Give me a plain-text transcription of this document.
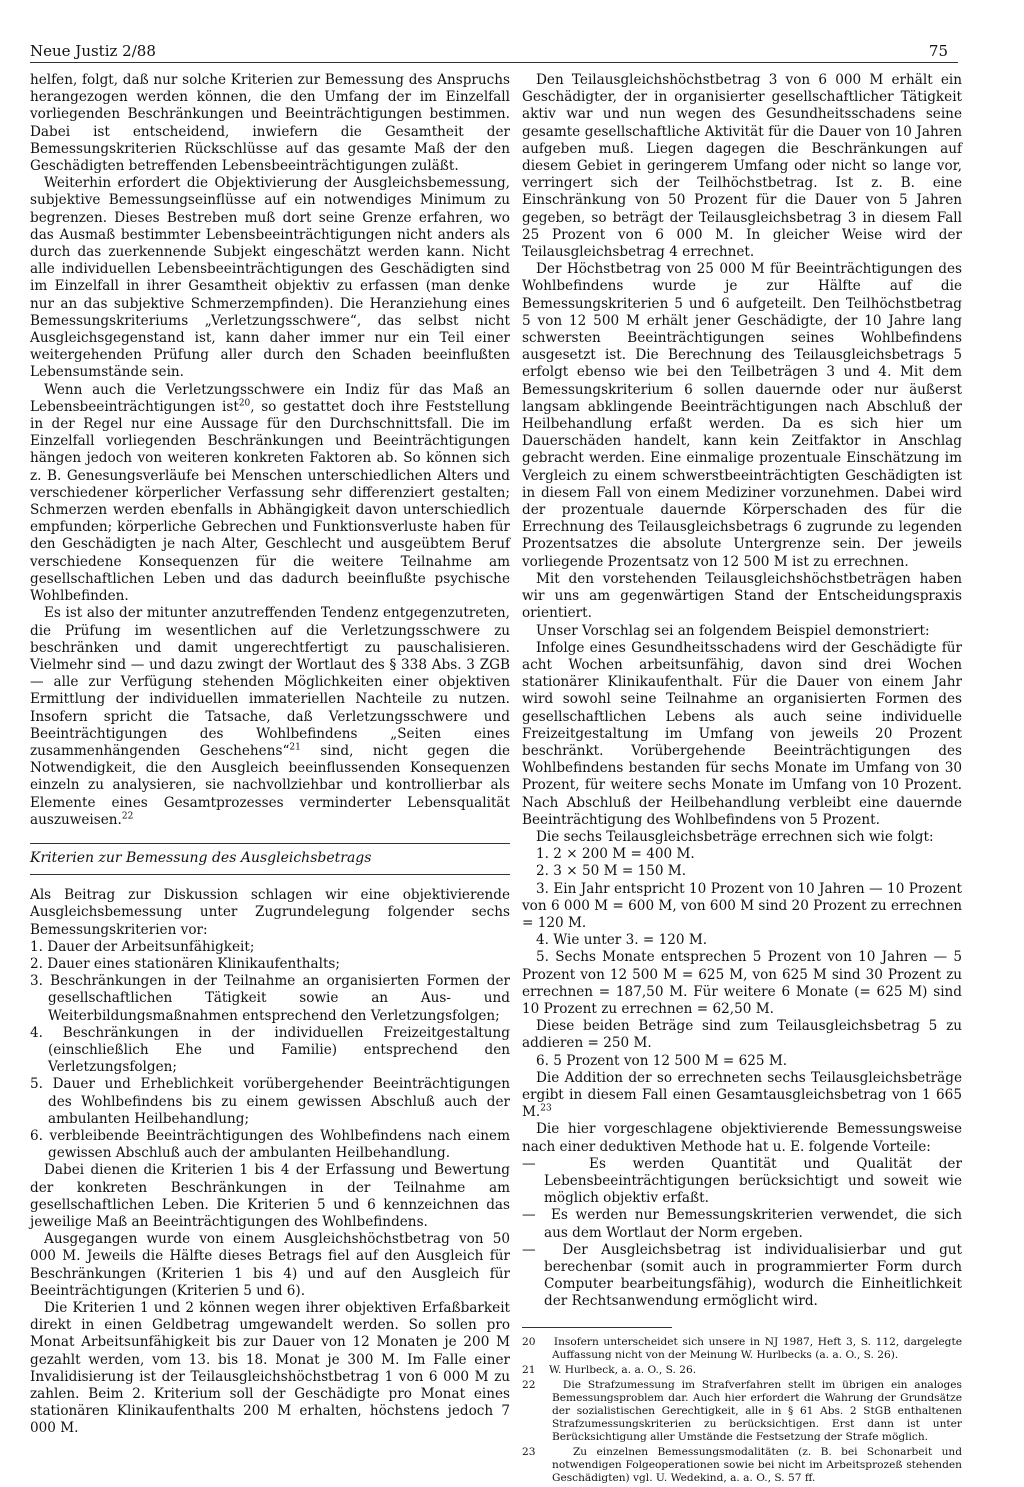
Neue Justiz 2/88	75

helfen, folgt, daß nur solche Kriterien zur Bemessung des Anspruchs herangezogen werden können, die den Umfang der im Einzelfall vorliegenden Beschränkungen und Beeinträchtigungen bestimmen. Dabei ist entscheidend, inwiefern die Gesamtheit der Bemessungskriterien Rückschlüsse auf das gesamte Maß der den Geschädigten betreffenden Lebensbeeinträchtigungen zuläßt.

Weiterhin erfordert die Objektivierung der Ausgleichsbemessung, subjektive Bemessungseinflüsse auf ein notwendiges Minimum zu begrenzen. Dieses Bestreben muß dort seine Grenze erfahren, wo das Ausmaß bestimmter Lebensbeeinträchtigungen nicht anders als durch das zuerkennende Subjekt eingeschätzt werden kann. Nicht alle individuellen Lebensbeeinträchtigungen des Geschädigten sind im Einzelfall in ihrer Gesamtheit objektiv zu erfassen (man denke nur an das subjektive Schmerzempfinden). Die Heranziehung eines Bemessungskriteriums „Verletzungsschwere“, das selbst nicht Ausgleichsgegenstand ist, kann daher immer nur ein Teil einer weitergehenden Prüfung aller durch den Schaden beeinflußten Lebensumstände sein.

Wenn auch die Verletzungsschwere ein Indiz für das Maß an Lebensbeeinträchtigungen ist$^{20}$, so gestattet doch ihre Feststellung in der Regel nur eine Aussage für den Durchschnittsfall. Die im Einzelfall vorliegenden Beschränkungen und Beeinträchtigungen hängen jedoch von weiteren konkreten Faktoren ab. So können sich z. B. Genesungsverläufe bei Menschen unterschiedlichen Alters und verschiedener körperlicher Verfassung sehr differenziert gestalten; Schmerzen werden ebenfalls in Abhängigkeit davon unterschiedlich empfunden; körperliche Gebrechen und Funktionsverluste haben für den Geschädigten je nach Alter, Geschlecht und ausgeübtem Beruf verschiedene Konsequenzen für die weitere Teilnahme am gesellschaftlichen Leben und das dadurch beeinflußte psychische Wohlbefinden.

Es ist also der mitunter anzutreffenden Tendenz entgegenzutreten, die Prüfung im wesentlichen auf die Verletzungsschwere zu beschränken und damit ungerechtfertigt zu pauschalisieren. Vielmehr sind — und dazu zwingt der Wortlaut des § 338 Abs. 3 ZGB — alle zur Verfügung stehenden Möglichkeiten einer objektiven Ermittlung der individuellen immateriellen Nachteile zu nutzen. Insofern spricht die Tatsache, daß Verletzungsschwere und Beeinträchtigungen des Wohlbefindens „Seiten eines zusammenhängenden Geschehens“$^{21}$ sind, nicht gegen die Notwendigkeit, die den Ausgleich beeinflussenden Konsequenzen einzeln zu analysieren, sie nachvollziehbar und kontrollierbar als Elemente eines Gesamtprozesses verminderter Lebensqualität auszuweisen.$^{22}$

Kriterien zur Bemessung des Ausgleichsbetrags

Als Beitrag zur Diskussion schlagen wir eine objektivierende Ausgleichsbemessung unter Zugrundelegung folgender sechs Bemessungskriterien vor:

1. Dauer der Arbeitsunfähigkeit;

2. Dauer eines stationären Klinikaufenthalts;

3. Beschränkungen in der Teilnahme an organisierten Formen der gesellschaftlichen Tätigkeit sowie an Aus- und Weiterbildungsmaßnahmen entsprechend den Verletzungsfolgen;

4. Beschränkungen in der individuellen Freizeitgestaltung (einschließlich Ehe und Familie) entsprechend den Verletzungsfolgen;

5. Dauer und Erheblichkeit vorübergehender Beeinträchtigungen des Wohlbefindens bis zu einem gewissen Abschluß auch der ambulanten Heilbehandlung;

6. verbleibende Beeinträchtigungen des Wohlbefindens nach einem gewissen Abschluß auch der ambulanten Heilbehandlung.

Dabei dienen die Kriterien 1 bis 4 der Erfassung und Bewertung der konkreten Beschränkungen in der Teilnahme am gesellschaftlichen Leben. Die Kriterien 5 und 6 kennzeichnen das jeweilige Maß an Beeinträchtigungen des Wohlbefindens.

Ausgegangen wurde von einem Ausgleichshöchstbetrag von 50 000 M. Jeweils die Hälfte dieses Betrags fiel auf den Ausgleich für Beschränkungen (Kriterien 1 bis 4) und auf den Ausgleich für Beeinträchtigungen (Kriterien 5 und 6).

Die Kriterien 1 und 2 können wegen ihrer objektiven Erfaßbarkeit direkt in einen Geldbetrag umgewandelt werden. So sollen pro Monat Arbeitsunfähigkeit bis zur Dauer von 12 Monaten je 200 M gezahlt werden, vom 13. bis 18. Monat je 300 M. Im Falle einer Invalidisierung ist der Teilausgleichshöchstbetrag 1 von 6 000 M zu zahlen. Beim 2. Kriterium soll der Geschädigte pro Monat eines stationären Klinikaufenthalts 200 M erhalten, höchstens jedoch 7 000 M.

Den Teilausgleichshöchstbetrag 3 von 6 000 M erhält ein Geschädigter, der in organisierter gesellschaftlicher Tätigkeit aktiv war und nun wegen des Gesundheitsschadens seine gesamte gesellschaftliche Aktivität für die Dauer von 10 Jahren aufgeben muß. Liegen dagegen die Beschränkungen auf diesem Gebiet in geringerem Umfang oder nicht so lange vor, verringert sich der Teilhöchstbetrag. Ist z. B. eine Einschränkung von 50 Prozent für die Dauer von 5 Jahren gegeben, so beträgt der Teilausgleichsbetrag 3 in diesem Fall 25 Prozent von 6 000 M. In gleicher Weise wird der Teilausgleichsbetrag 4 errechnet.

Der Höchstbetrag von 25 000 M für Beeinträchtigungen des Wohlbefindens wurde je zur Hälfte auf die Bemessungskriterien 5 und 6 aufgeteilt. Den Teilhöchstbetrag 5 von 12 500 M erhält jener Geschädigte, der 10 Jahre lang schwersten Beeinträchtigungen seines Wohlbefindens ausgesetzt ist. Die Berechnung des Teilausgleichsbetrags 5 erfolgt ebenso wie bei den Teilbeträgen 3 und 4. Mit dem Bemessungskriterium 6 sollen dauernde oder nur äußerst langsam abklingende Beeinträchtigungen nach Abschluß der Heilbehandlung erfaßt werden. Da es sich hier um Dauerschäden handelt, kann kein Zeitfaktor in Anschlag gebracht werden. Eine einmalige prozentuale Einschätzung im Vergleich zu einem schwerstbeeinträchtigten Geschädigten ist in diesem Fall von einem Mediziner vorzunehmen. Dabei wird der prozentuale dauernde Körperschaden des für die Errechnung des Teilausgleichsbetrags 6 zugrunde zu legenden Prozentsatzes die absolute Untergrenze sein. Der jeweils vorliegende Prozentsatz von 12 500 M ist zu errechnen.

Mit den vorstehenden Teilausgleichshöchstbeträgen haben wir uns am gegenwärtigen Stand der Entscheidungspraxis orientiert.

Unser Vorschlag sei an folgendem Beispiel demonstriert:

Infolge eines Gesundheitsschadens wird der Geschädigte für acht Wochen arbeitsunfähig, davon sind drei Wochen stationärer Klinikaufenthalt. Für die Dauer von einem Jahr wird sowohl seine Teilnahme an organisierten Formen des gesellschaftlichen Lebens als auch seine individuelle Freizeitgestaltung im Umfang von jeweils 20 Prozent beschränkt. Vorübergehende Beeinträchtigungen des Wohlbefindens bestanden für sechs Monate im Umfang von 30 Prozent, für weitere sechs Monate im Umfang von 10 Prozent. Nach Abschluß der Heilbehandlung verbleibt eine dauernde Beeinträchtigung des Wohlbefindens von 5 Prozent.

Die sechs Teilausgleichsbeträge errechnen sich wie folgt:

1. 2 × 200 M = 400 M.

2. 3 × 50 M = 150 M.

3. Ein Jahr entspricht 10 Prozent von 10 Jahren — 10 Prozent von 6 000 M = 600 M, von 600 M sind 20 Prozent zu errechnen = 120 M.

4. Wie unter 3. = 120 M.

5. Sechs Monate entsprechen 5 Prozent von 10 Jahren — 5 Prozent von 12 500 M = 625 M, von 625 M sind 30 Prozent zu errechnen = 187,50 M. Für weitere 6 Monate (= 625 M) sind 10 Prozent zu errechnen = 62,50 M.

Diese beiden Beträge sind zum Teilausgleichsbetrag 5 zu addieren = 250 M.

6. 5 Prozent von 12 500 M = 625 M.

Die Addition der so errechneten sechs Teilausgleichsbeträge ergibt in diesem Fall einen Gesamtausgleichsbetrag von 1 665 M.$^{23}$

Die hier vorgeschlagene objektivierende Bemessungsweise nach einer deduktiven Methode hat u. E. folgende Vorteile:

—	Es werden Quantität und Qualität der Lebensbeeinträchtigungen berücksichtigt und soweit wie möglich objektiv erfaßt.

— Es werden nur Bemessungskriterien verwendet, die sich aus dem Wortlaut der Norm ergeben.

— Der Ausgleichsbetrag ist individualisierbar und gut berechenbar (somit auch in programmierter Form durch Computer bearbeitungsfähig), wodurch die Einheitlichkeit der Rechtsanwendung ermöglicht wird.

20 Insofern unterscheidet sich unsere in NJ 1987, Heft 3, S. 112, dargelegte Auffassung nicht von der Meinung W. Hurlbecks (a. a. O., S. 26).

21 W. Hurlbeck, a. a. O., S. 26.

22	Die Strafzumessung im Strafverfahren stellt im übrigen ein analoges Bemessungsproblem dar. Auch hier erfordert die Wahrung der Grundsätze der sozialistischen Gerechtigkeit, alle in § 61 Abs. 2 StGB enthaltenen Strafzumessungskriterien zu berücksichtigen. Erst dann ist unter Berücksichtigung aller Umstände die Festsetzung der Strafe möglich.

23	Zu einzelnen Bemessungsmodalitäten (z. B. bei Schonarbeit und notwendigen Folgeoperationen sowie bei nicht im Arbeitsprozeß stehenden Geschädigten) vgl. U. Wedekind, a. a. O., S. 57 ff.
